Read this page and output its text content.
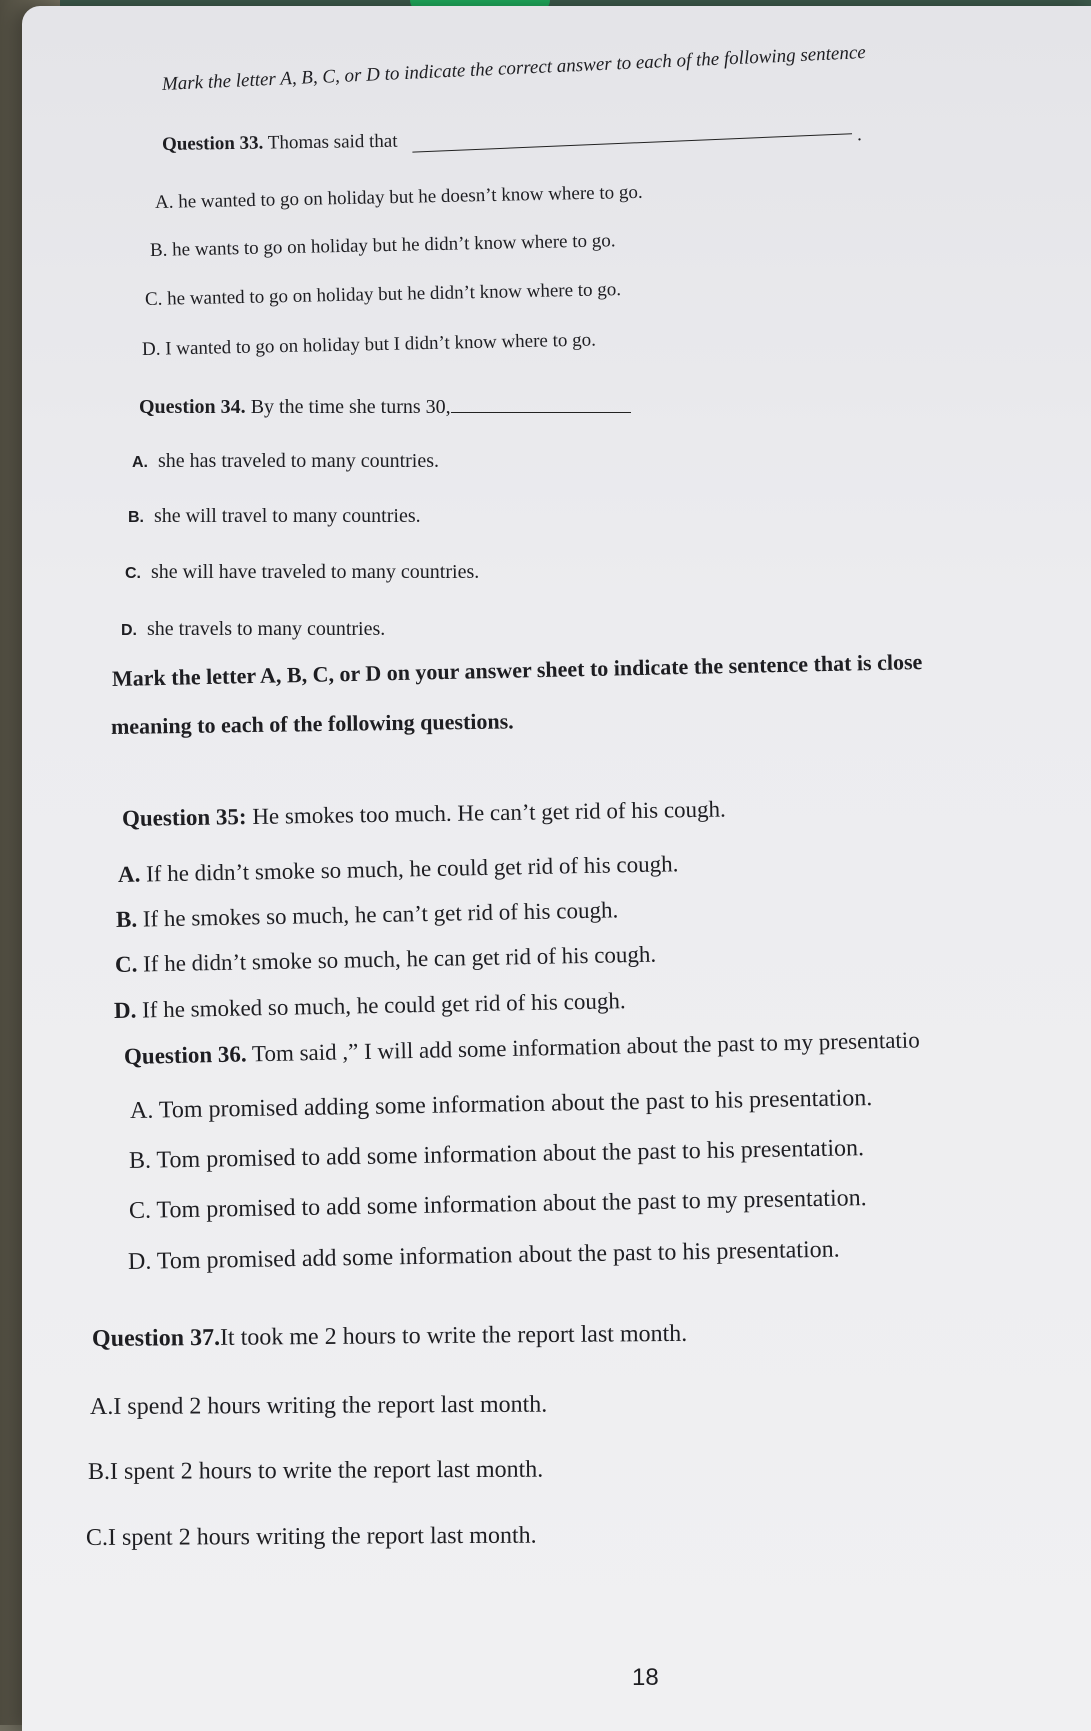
Mark the letter A, B, C, or D to indicate the correct answer to each of the following sentence

Question 33. Thomas said that	.

A. he wanted to go on holiday but he doesn’t know where to go.

B. he wants to go on holiday but he didn’t know where to go.

C. he wanted to go on holiday but he didn’t know where to go.

D. I wanted to go on holiday but I didn’t know where to go.

Question 34. By the time she turns 30,

A. she has traveled to many countries.

B. she will travel to many countries.

C. she will have traveled to many countries.

D. she travels to many countries.

Mark the letter A, B, C, or D on your answer sheet to indicate the sentence that is close

meaning to each of the following questions.

Question 35: He smokes too much. He can’t get rid of his cough.

A. If he didn’t smoke so much, he could get rid of his cough.

B. If he smokes so much, he can’t get rid of his cough.

C. If he didn’t smoke so much, he can get rid of his cough.

D. If he smoked so much, he could get rid of his cough.

Question 36. Tom said ,” I will add some information about the past to my presentatio

A. Tom promised adding some information about the past to his presentation.

B. Tom promised to add some information about the past to his presentation.

C. Tom promised to add some information about the past to my presentation.

D. Tom promised add some information about the past to his presentation.

Question 37.It took me 2 hours to write the report last month.

A.I spend 2 hours writing the report last month.

B.I spent 2 hours to write the report last month.

C.I spent 2 hours writing the report last month.

18
